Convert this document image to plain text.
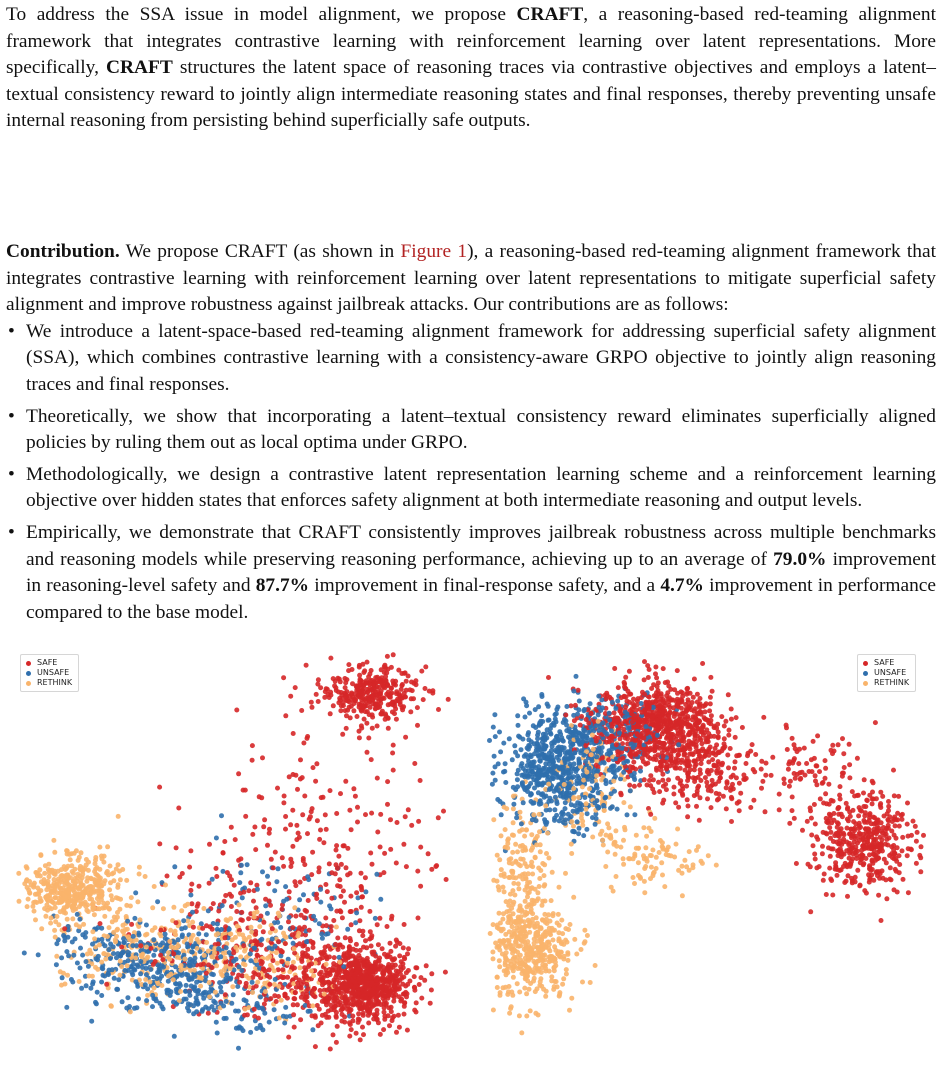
To address the SSA issue in model alignment, we propose CRAFT, a reasoning-based red-teaming alignment framework that integrates contrastive learning with reinforcement learning over latent representations. More specifically, CRAFT structures the latent space of reasoning traces via contrastive objectives and employs a latent–textual consistency reward to jointly align intermediate reasoning states and final responses, thereby preventing unsafe internal reasoning from persisting behind superficially safe outputs.
Contribution. We propose CRAFT (as shown in Figure 1), a reasoning-based red-teaming alignment framework that integrates contrastive learning with reinforcement learning over latent representations to mitigate superficial safety alignment and improve robustness against jailbreak attacks. Our contributions are as follows:
• We introduce a latent-space-based red-teaming alignment framework for addressing superficial safety alignment (SSA), which combines contrastive learning with a consistency-aware GRPO objective to jointly align reasoning traces and final responses.
• Theoretically, we show that incorporating a latent–textual consistency reward eliminates superficially aligned policies by ruling them out as local optima under GRPO.
• Methodologically, we design a contrastive latent representation learning scheme and a reinforcement learning objective over hidden states that enforces safety alignment at both intermediate reasoning and output levels.
• Empirically, we demonstrate that CRAFT consistently improves jailbreak robustness across multiple benchmarks and reasoning models while preserving reasoning performance, achieving up to an average of 79.0% improvement in reasoning-level safety and 87.7% improvement in final-response safety, and a 4.7% improvement in performance compared to the base model.
SAFE
UNSAFE
RETHINK
SAFE
UNSAFE
RETHINK
